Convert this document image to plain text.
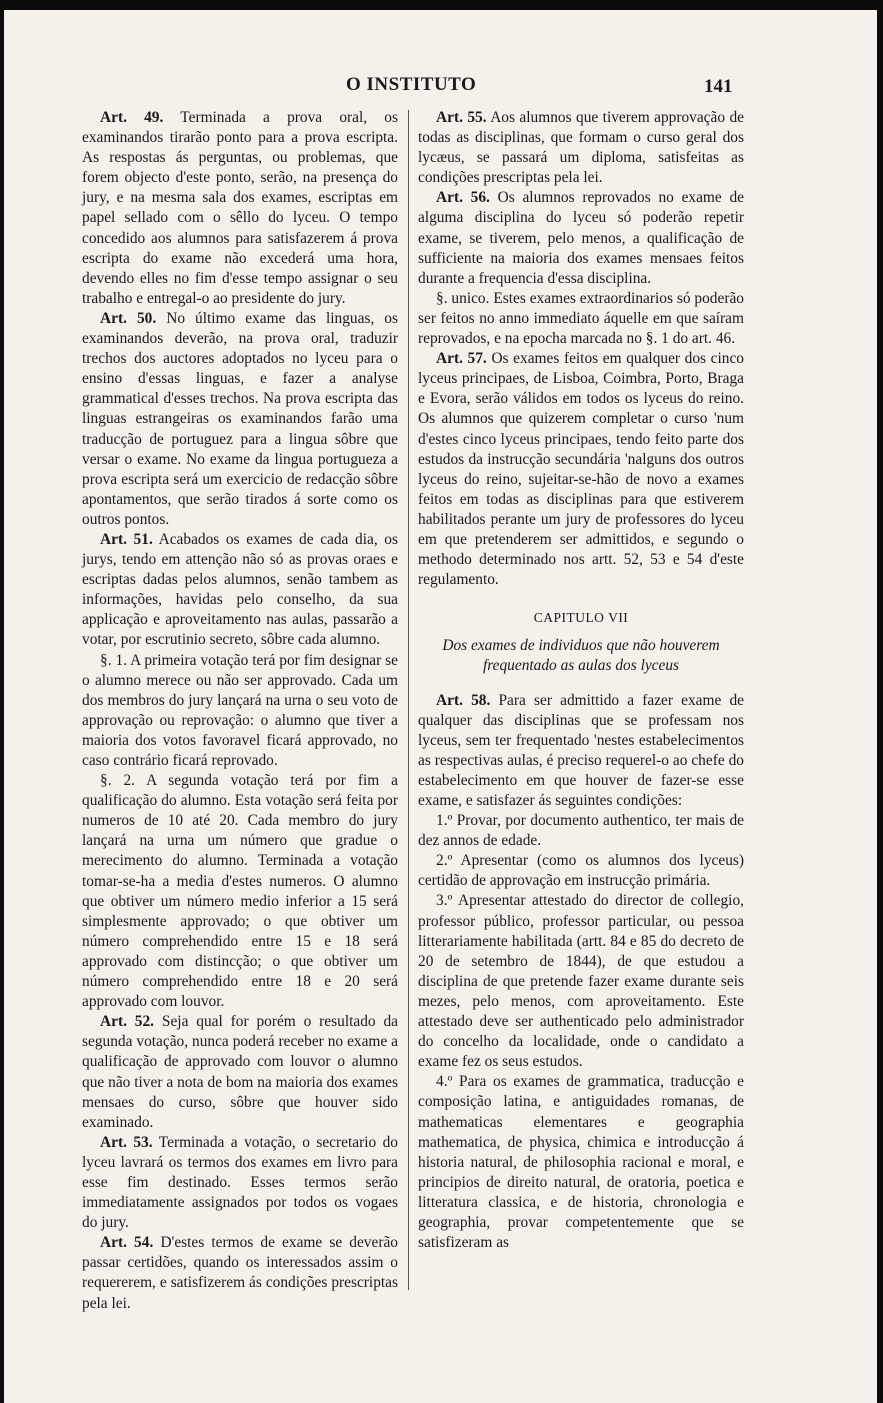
O INSTITUTO	141

Art. 49. Terminada a prova oral, os examinandos tirarão ponto para a prova escripta. As respostas ás perguntas, ou problemas, que forem objecto d'este ponto, serão, na presença do jury, e na mesma sala dos exames, escriptas em papel sellado com o sêllo do lyceu. O tempo concedido aos alumnos para satisfazerem á prova escripta do exame não excederá uma hora, devendo elles no fim d'esse tempo assignar o seu trabalho e entregal-o ao presidente do jury.

Art. 50. No último exame das linguas, os examinandos deverão, na prova oral, traduzir trechos dos auctores adoptados no lyceu para o ensino d'essas linguas, e fazer a analyse grammatical d'esses trechos. Na prova escripta das linguas estrangeiras os examinandos farão uma traducção de portuguez para a lingua sôbre que versar o exame. No exame da lingua portugueza a prova escripta será um exercicio de redacção sôbre apontamentos, que serão tirados á sorte como os outros pontos.

Art. 51. Acabados os exames de cada dia, os jurys, tendo em attenção não só as provas oraes e escriptas dadas pelos alumnos, senão tambem as informações, havidas pelo conselho, da sua applicação e aproveitamento nas aulas, passarão a votar, por escrutinio secreto, sôbre cada alumno.

§. 1. A primeira votação terá por fim designar se o alumno merece ou não ser approvado. Cada um dos membros do jury lançará na urna o seu voto de approvação ou reprovação: o alumno que tiver a maioria dos votos favoravel ficará approvado, no caso contrário ficará reprovado.

§. 2. A segunda votação terá por fim a qualificação do alumno. Esta votação será feita por numeros de 10 até 20. Cada membro do jury lançará na urna um número que gradue o merecimento do alumno. Terminada a votação tomar-se-ha a media d'estes numeros. O alumno que obtiver um número medio inferior a 15 será simplesmente approvado; o que obtiver um número comprehendido entre 15 e 18 será approvado com distincção; o que obtiver um número comprehendido entre 18 e 20 será approvado com louvor.

Art. 52. Seja qual for porém o resultado da segunda votação, nunca poderá receber no exame a qualificação de approvado com louvor o alumno que não tiver a nota de bom na maioria dos exames mensaes do curso, sôbre que houver sido examinado.

Art. 53. Terminada a votação, o secretario do lyceu lavrará os termos dos exames em livro para esse fim destinado. Esses termos serão immediatamente assignados por todos os vogaes do jury.

Art. 54. D'estes termos de exame se deverão passar certidões, quando os interessados assim o requererem, e satisfizerem ás condições prescriptas pela lei.

Art. 55. Aos alumnos que tiverem approvação de todas as disciplinas, que formam o curso geral dos lycæus, se passará um diploma, satisfeitas as condições prescriptas pela lei.

Art. 56. Os alumnos reprovados no exame de alguma disciplina do lyceu só poderão repetir exame, se tiverem, pelo menos, a qualificação de sufficiente na maioria dos exames mensaes feitos durante a frequencia d'essa disciplina.

§. unico. Estes exames extraordinarios só poderão ser feitos no anno immediato áquelle em que saíram reprovados, e na epocha marcada no §. 1 do art. 46.

Art. 57. Os exames feitos em qualquer dos cinco lyceus principaes, de Lisboa, Coimbra, Porto, Braga e Evora, serão válidos em todos os lyceus do reino. Os alumnos que quizerem completar o curso 'num d'estes cinco lyceus principaes, tendo feito parte dos estudos da instrucção secundária 'nalguns dos outros lyceus do reino, sujeitar-se-hão de novo a exames feitos em todas as disciplinas para que estiverem habilitados perante um jury de professores do lyceu em que pretenderem ser admittidos, e segundo o methodo determinado nos artt. 52, 53 e 54 d'este regulamento.

CAPITULO VII

Dos exames de individuos que não houverem frequentado as aulas dos lyceus

Art. 58. Para ser admittido a fazer exame de qualquer das disciplinas que se professam nos lyceus, sem ter frequentado 'nestes estabelecimentos as respectivas aulas, é preciso requerel-o ao chefe do estabelecimento em que houver de fazer-se esse exame, e satisfazer ás seguintes condições:

1.º Provar, por documento authentico, ter mais de dez annos de edade.

2.º Apresentar (como os alumnos dos lyceus) certidão de approvação em instrucção primária.

3.º Apresentar attestado do director de collegio, professor público, professor particular, ou pessoa litterariamente habilitada (artt. 84 e 85 do decreto de 20 de setembro de 1844), de que estudou a disciplina de que pretende fazer exame durante seis mezes, pelo menos, com aproveitamento. Este attestado deve ser authenticado pelo administrador do concelho da localidade, onde o candidato a exame fez os seus estudos.

4.º Para os exames de grammatica, traducção e composição latina, e antiguidades romanas, de mathematicas elementares e geographia mathematica, de physica, chimica e introducção á historia natural, de philosophia racional e moral, e principios de direito natural, de oratoria, poetica e litteratura classica, e de historia, chronologia e geographia, provar competentemente que se satisfizeram as
